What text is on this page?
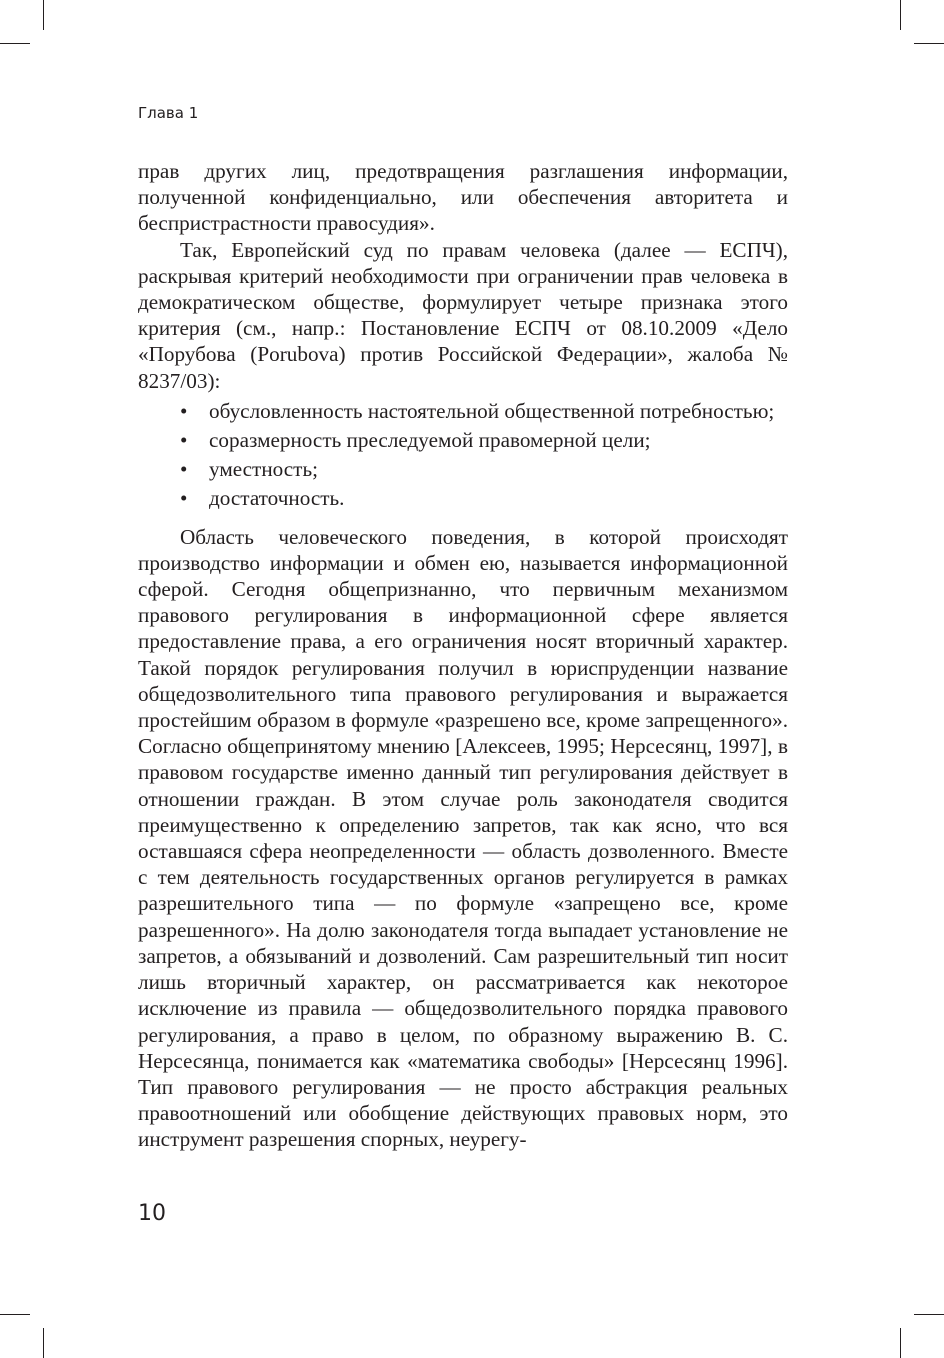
Глава 1

прав других лиц, предотвращения разглашения информации, полученной конфиденциально, или обеспечения авторитета и беспристрастности правосудия».

Так, Европейский суд по правам человека (далее — ЕСПЧ), раскрывая критерий необходимости при ограничении прав человека в демократическом обществе, формулирует четыре признака этого критерия (см., напр.: Постановление ЕСПЧ от 08.10.2009 «Дело «Порубова (Porubova) против Российской Федерации», жалоба № 8237/03):

• обусловленность настоятельной общественной потребностью;
• соразмерность преследуемой правомерной цели;
• уместность;
• достаточность.

Область человеческого поведения, в которой происходят производство информации и обмен ею, называется информационной сферой. Сегодня общепризнанно, что первичным механизмом правового регулирования в информационной сфере является предоставление права, а его ограничения носят вторичный характер. Такой порядок регулирования получил в юриспруденции название общедозволительного типа правового регулирования и выражается простейшим образом в формуле «разрешено все, кроме запрещенного». Согласно общепринятому мнению [Алексеев, 1995; Нерсесянц, 1997], в правовом государстве именно данный тип регулирования действует в отношении граждан. В этом случае роль законодателя сводится преимущественно к определению запретов, так как ясно, что вся оставшаяся сфера неопределенности — область дозволенного. Вместе с тем деятельность государственных органов регулируется в рамках разрешительного типа — по формуле «запрещено все, кроме разрешенного». На долю законодателя тогда выпадает установление не запретов, а обязываний и дозволений. Сам разрешительный тип носит лишь вторичный характер, он рассматривается как некоторое исключение из правила — общедозволительного порядка правового регулирования, а право в целом, по образному выражению В. С. Нерсесянца, понимается как «математика свободы» [Нерсесянц 1996]. Тип правового регулирования — не просто абстракция реальных правоотношений или обобщение действующих правовых норм, это инструмент разрешения спорных, неурегу-

10
